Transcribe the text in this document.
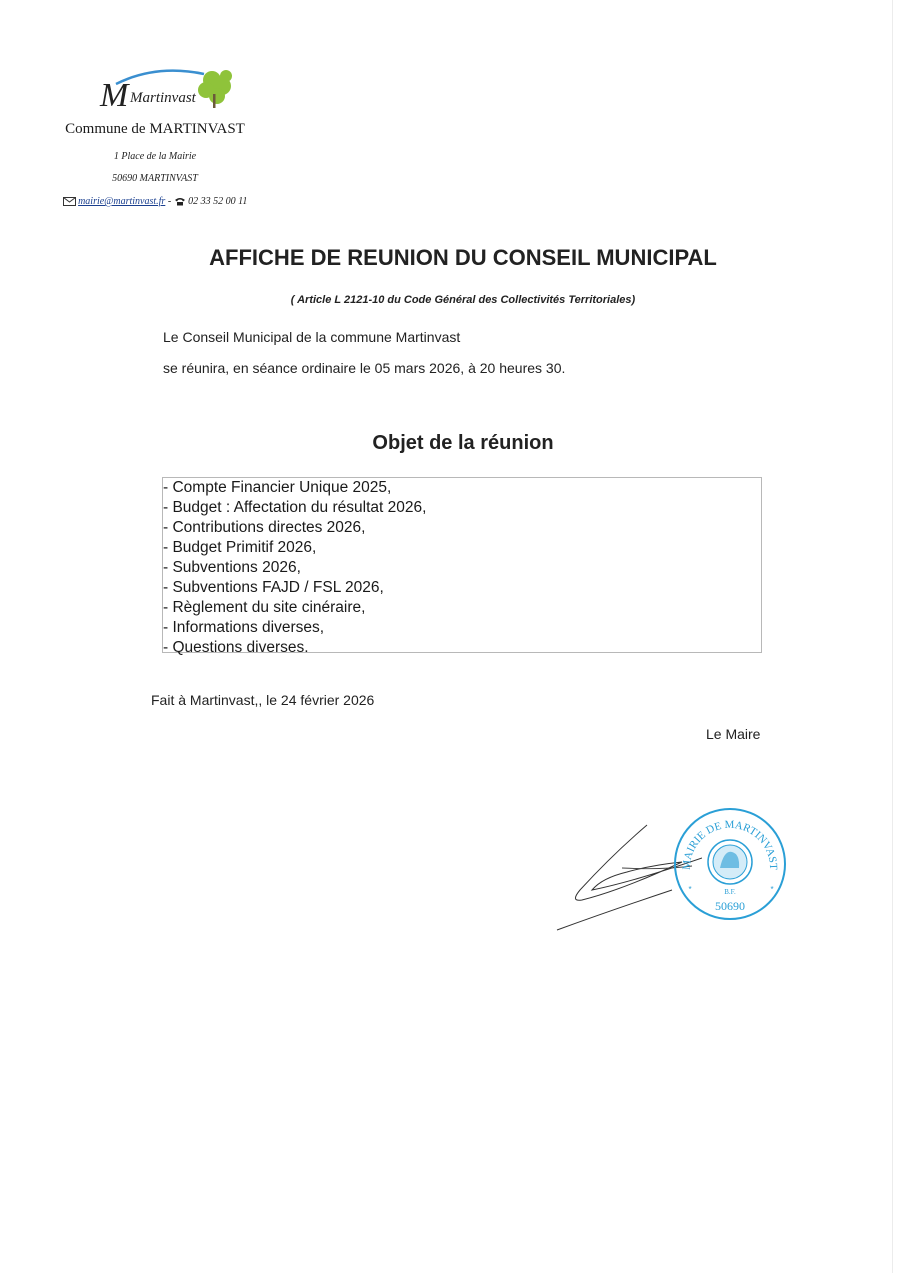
M Martinvast
Commune de MARTINVAST
1 Place de la Mairie
50690 MARTINVAST
mairie@martinvast.fr -  02 33 52 00 11
AFFICHE DE REUNION DU CONSEIL MUNICIPAL
( Article L 2121-10 du Code Général des Collectivités Territoriales)
Le Conseil Municipal de la commune Martinvast
se réunira, en séance ordinaire le 05 mars 2026, à 20 heures 30.
Objet de la réunion
- Compte Financier Unique 2025,
- Budget : Affectation du résultat 2026,
- Contributions directes 2026,
- Budget Primitif 2026,
- Subventions 2026,
- Subventions FAJD / FSL 2026,
- Règlement du site cinéraire,
- Informations diverses,
- Questions diverses.
Fait à Martinvast,, le 24 février 2026
Le Maire
MAIRIE DE MARTINVAST
B.F.
50690
*	*
